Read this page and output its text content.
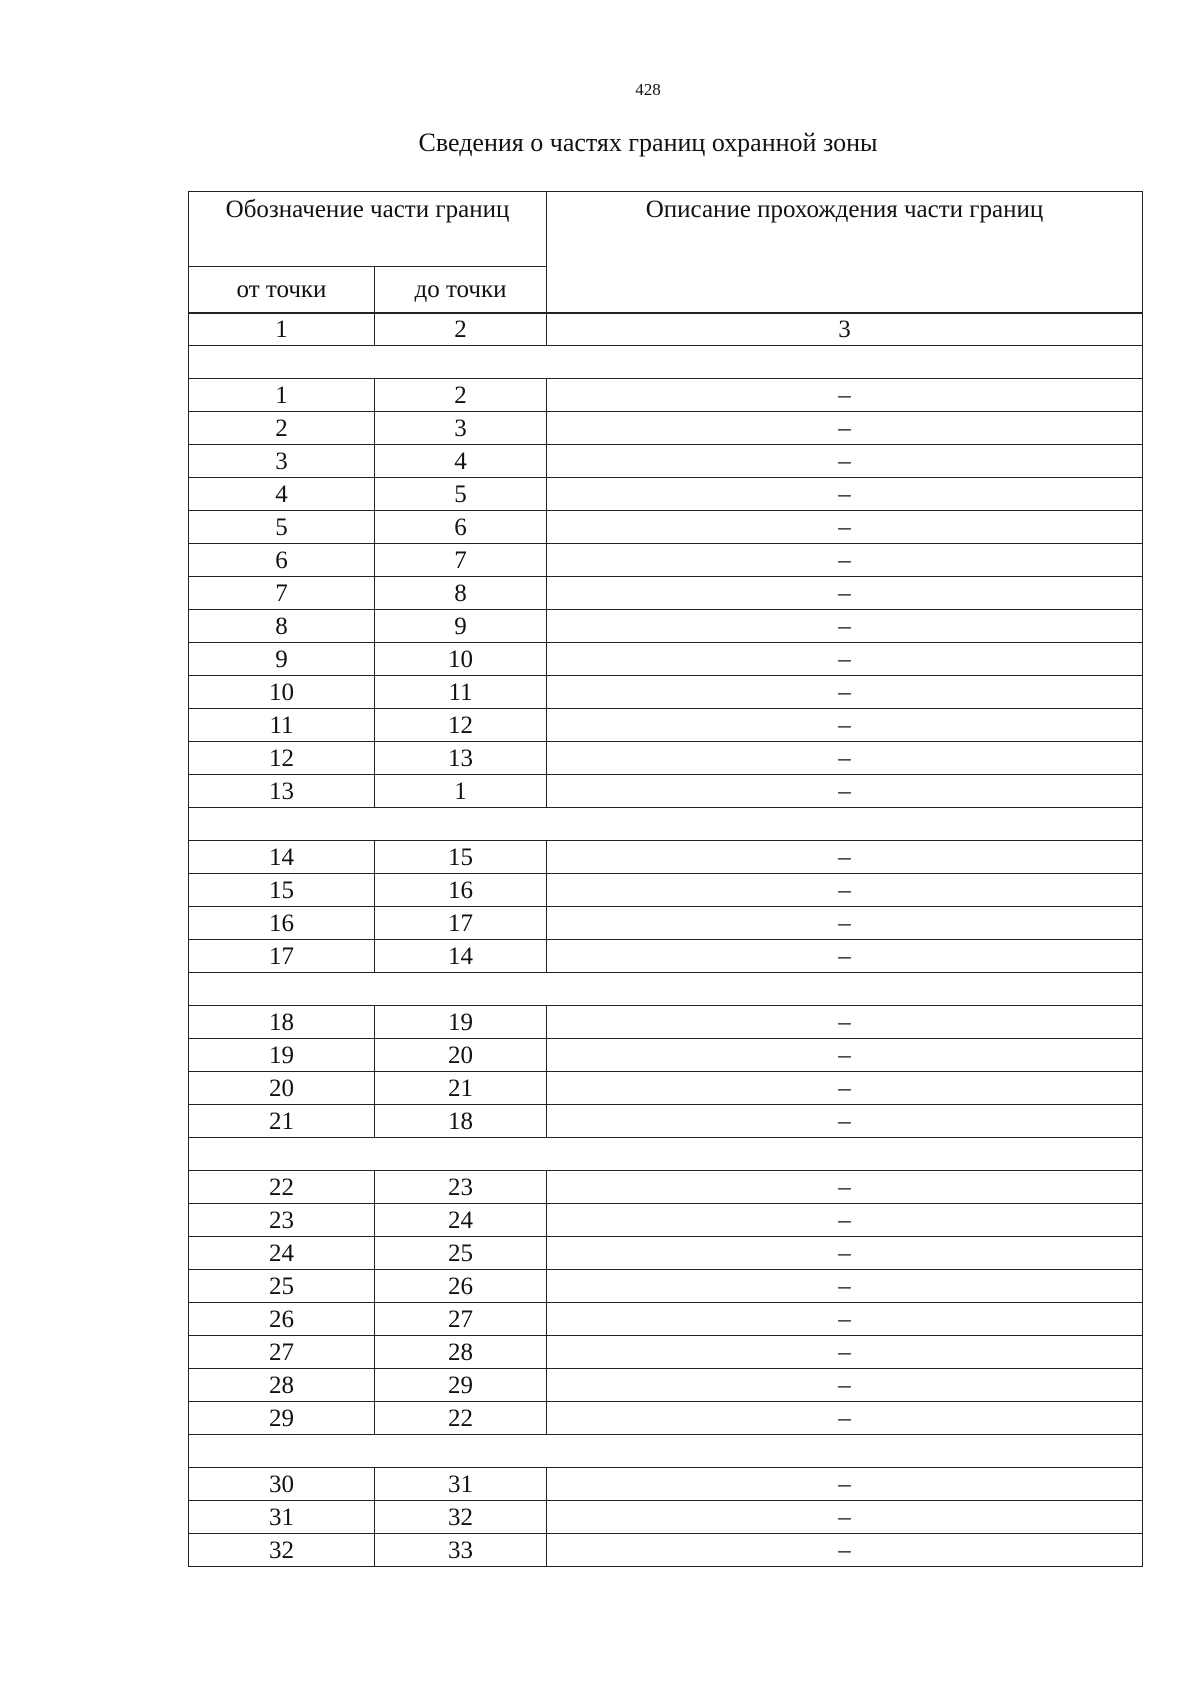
428
Сведения о частях границ охранной зоны
Обозначение части границ		Описание прохождения части границ
от точки	до точки	
1	2	3

1	2	–
2	3	–
3	4	–
4	5	–
5	6	–
6	7	–
7	8	–
8	9	–
9	10	–
10	11	–
11	12	–
12	13	–
13	1	–

14	15	–
15	16	–
16	17	–
17	14	–

18	19	–
19	20	–
20	21	–
21	18	–

22	23	–
23	24	–
24	25	–
25	26	–
26	27	–
27	28	–
28	29	–
29	22	–

30	31	–
31	32	–
32	33	–
